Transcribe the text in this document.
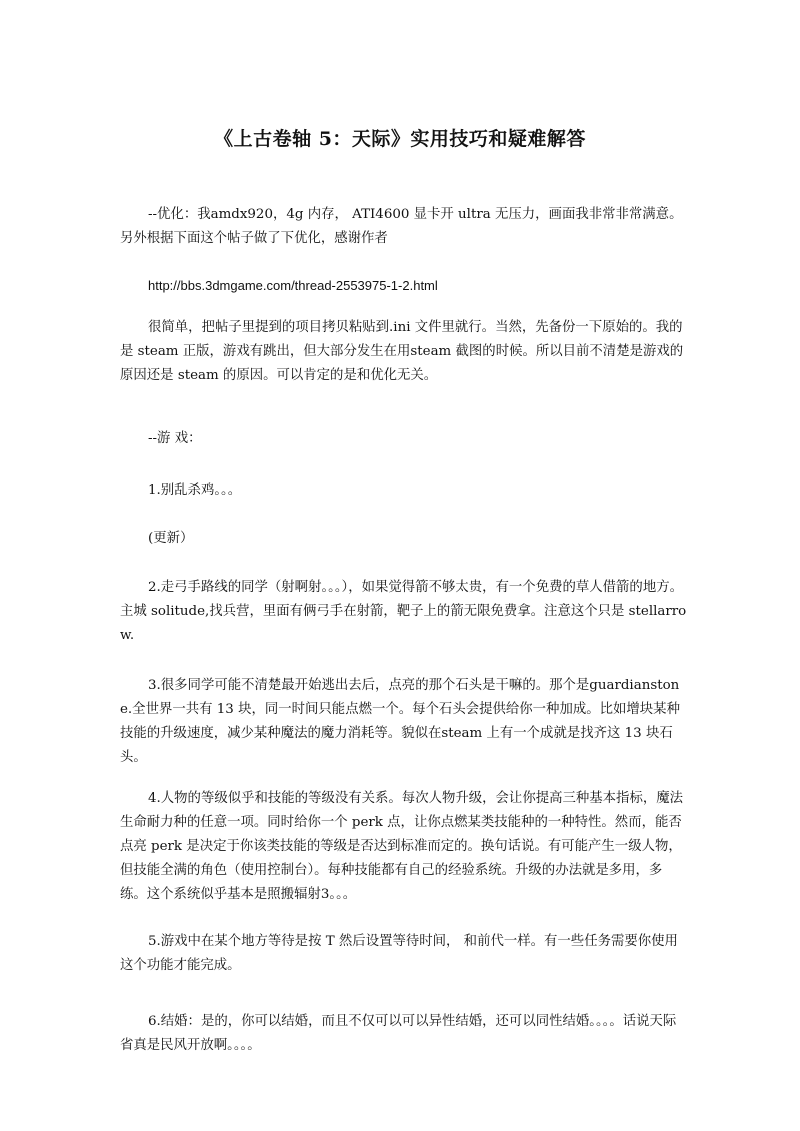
《上古卷轴 5：天际》实用技巧和疑难解答

--优化：我amdx920，4g 内存， ATI4600 显卡开 ultra 无压力，画面我非常非常满意。另外根据下面这个帖子做了下优化，感谢作者

http://bbs.3dmgame.com/thread-2553975-1-2.html

很简单，把帖子里提到的项目拷贝粘贴到.ini 文件里就行。当然，先备份一下原始的。我的是 steam 正版，游戏有跳出，但大部分发生在用steam 截图的时候。所以目前不清楚是游戏的原因还是 steam 的原因。可以肯定的是和优化无关。

--游 戏：

1.别乱杀鸡。。。

(更新）

2.走弓手路线的同学（射啊射。。。），如果觉得箭不够太贵，有一个免费的草人借箭的地方。主城 solitude,找兵营，里面有俩弓手在射箭，靶子上的箭无限免费拿。注意这个只是 stellarrow.

3.很多同学可能不清楚最开始逃出去后，点亮的那个石头是干嘛的。那个是guardianstone.全世界一共有 13 块，同一时间只能点燃一个。每个石头会提供给你一种加成。比如增块某种技能的升级速度，减少某种魔法的魔力消耗等。貌似在steam 上有一个成就是找齐这 13 块石头。

4.人物的等级似乎和技能的等级没有关系。每次人物升级，会让你提高三种基本指标，魔法生命耐力种的任意一项。同时给你一个 perk 点，让你点燃某类技能种的一种特性。然而，能否点亮 perk 是决定于你该类技能的等级是否达到标准而定的。换句话说。有可能产生一级人物，但技能全满的角色（使用控制台）。每种技能都有自己的经验系统。升级的办法就是多用，多练。这个系统似乎基本是照搬辐射3。。。

5.游戏中在某个地方等待是按 T 然后设置等待时间， 和前代一样。有一些任务需要你使用这个功能才能完成。

6.结婚：是的，你可以结婚，而且不仅可以可以异性结婚，还可以同性结婚。。。。话说天际省真是民风开放啊。。。。
